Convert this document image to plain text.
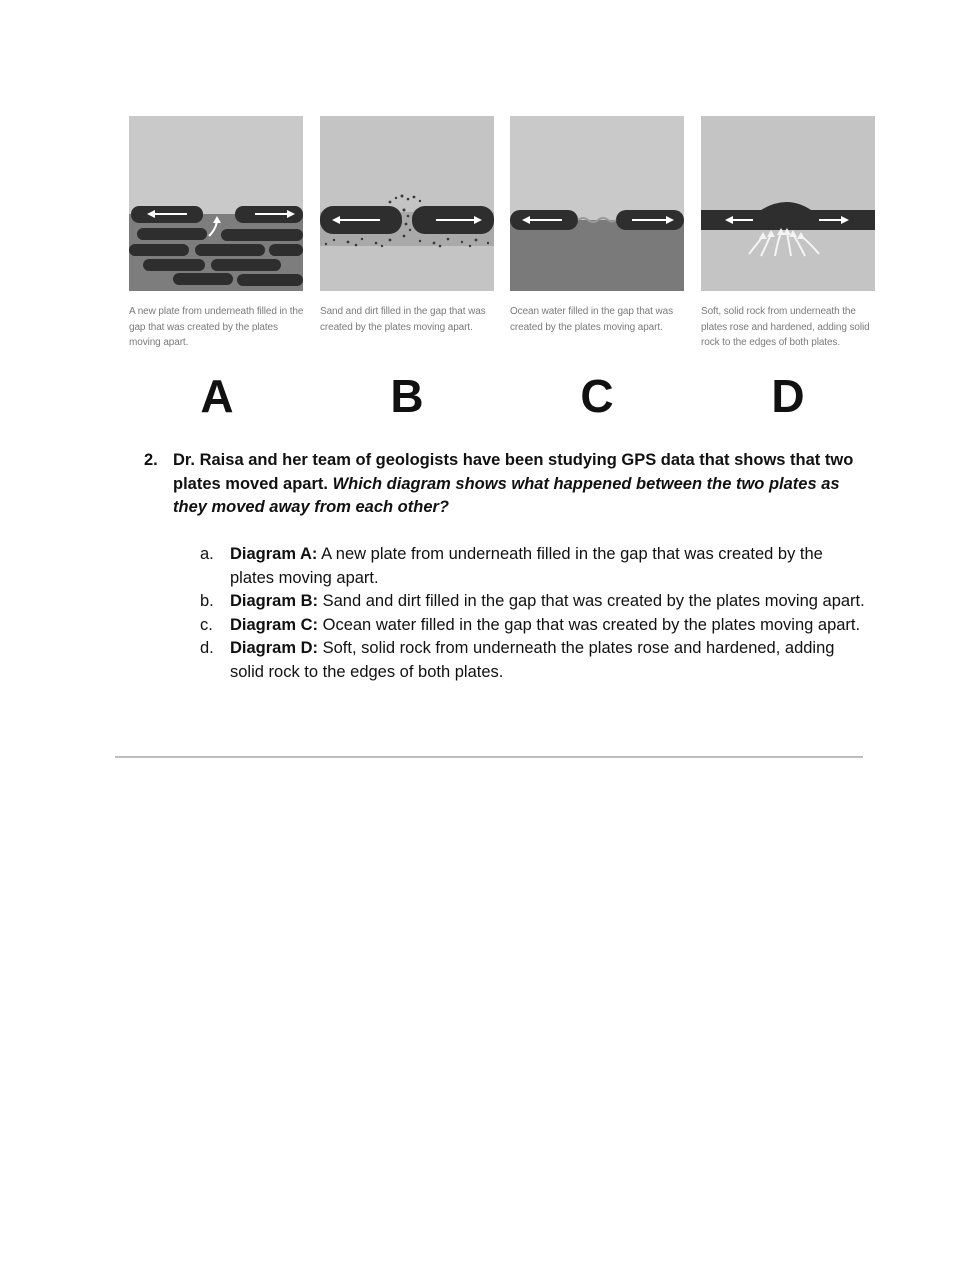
A new plate from underneath filled in the gap that was created by the plates moving apart.
Sand and dirt filled in the gap that was created by the plates moving apart.
Ocean water filled in the gap that was created by the plates moving apart.
Soft, solid rock from underneath the plates rose and hardened, adding solid rock to the edges of both plates.
A	B	C	D
2. Dr. Raisa and her team of geologists have been studying GPS data that shows that two plates moved apart. Which diagram shows what happened between the two plates as they moved away from each other?
a. Diagram A: A new plate from underneath filled in the gap that was created by the plates moving apart.
b. Diagram B: Sand and dirt filled in the gap that was created by the plates moving apart.
c. Diagram C: Ocean water filled in the gap that was created by the plates moving apart.
d. Diagram D: Soft, solid rock from underneath the plates rose and hardened, adding solid rock to the edges of both plates.
